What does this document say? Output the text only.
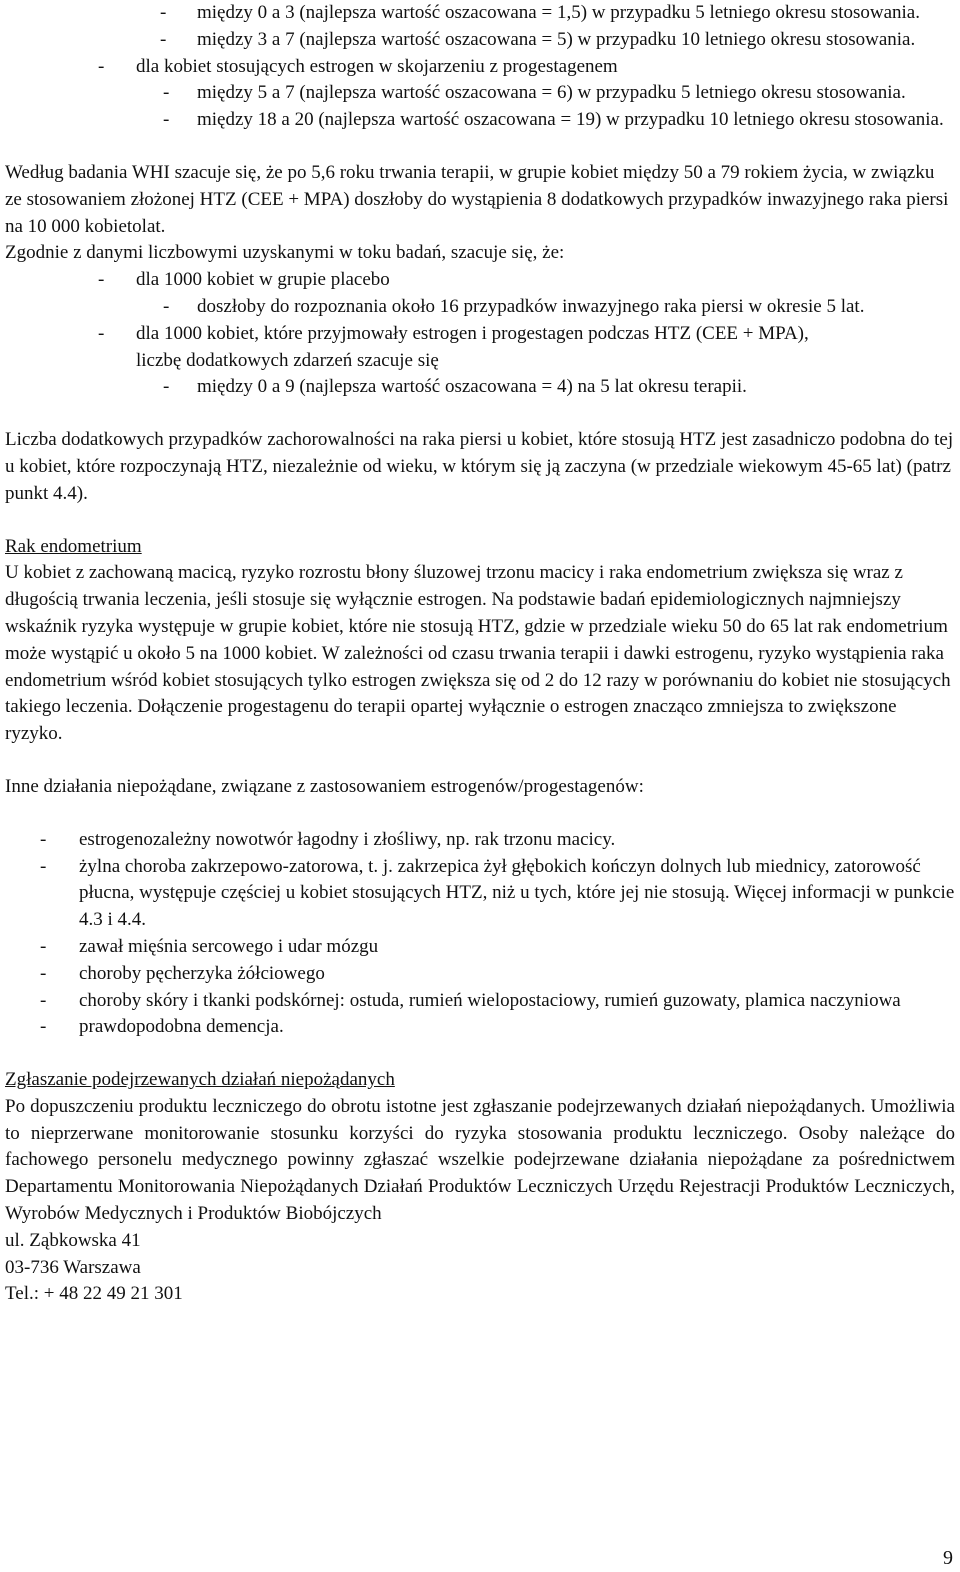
- między 0 a 3 (najlepsza wartość oszacowana = 1,5) w przypadku 5 letniego okresu stosowania.
- między 3 a 7 (najlepsza wartość oszacowana = 5) w przypadku 10 letniego okresu stosowania.
- dla kobiet stosujących estrogen w skojarzeniu z progestagenem
- między 5 a 7 (najlepsza wartość oszacowana = 6) w przypadku 5 letniego okresu stosowania.
- między 18 a 20 (najlepsza wartość oszacowana = 19) w przypadku 10 letniego okresu stosowania.

Według badania WHI szacuje się, że po 5,6 roku trwania terapii, w grupie kobiet między 50 a 79 rokiem życia, w związku ze stosowaniem złożonej HTZ (CEE + MPA) doszłoby do wystąpienia 8 dodatkowych przypadków inwazyjnego raka piersi na 10 000 kobietolat.

Zgodnie z danymi liczbowymi uzyskanymi w toku badań, szacuje się, że:

- dla 1000 kobiet w grupie placebo
- doszłoby do rozpoznania około 16 przypadków inwazyjnego raka piersi w okresie 5 lat.
- dla 1000 kobiet, które przyjmowały estrogen i progestagen podczas HTZ (CEE + MPA), liczbę dodatkowych zdarzeń szacuje się
- między 0 a 9 (najlepsza wartość oszacowana = 4) na 5 lat okresu terapii.

Liczba dodatkowych przypadków zachorowalności na raka piersi u kobiet, które stosują HTZ jest zasadniczo podobna do tej u kobiet, które rozpoczynają HTZ, niezależnie od wieku, w którym się ją zaczyna (w przedziale wiekowym 45-65 lat) (patrz punkt 4.4).

Rak endometrium

U kobiet z zachowaną macicą, ryzyko rozrostu błony śluzowej trzonu macicy i raka endometrium zwiększa się wraz z długością trwania leczenia, jeśli stosuje się wyłącznie estrogen. Na podstawie badań epidemiologicznych najmniejszy wskaźnik ryzyka występuje w grupie kobiet, które nie stosują HTZ, gdzie w przedziale wieku 50 do 65 lat rak endometrium może wystąpić u około 5 na 1000 kobiet. W zależności od czasu trwania terapii i dawki estrogenu, ryzyko wystąpienia raka endometrium wśród kobiet stosujących tylko estrogen zwiększa się od 2 do 12 razy w porównaniu do kobiet nie stosujących takiego leczenia. Dołączenie progestagenu do terapii opartej wyłącznie o estrogen znacząco zmniejsza to zwiększone ryzyko.

Inne działania niepożądane, związane z zastosowaniem estrogenów/progestagenów:

- estrogenozależny nowotwór łagodny i złośliwy, np. rak trzonu macicy.
- żylna choroba zakrzepowo-zatorowa, t. j. zakrzepica żył głębokich kończyn dolnych lub miednicy, zatorowość płucna, występuje częściej u kobiet stosujących HTZ, niż u tych, które jej nie stosują. Więcej informacji w punkcie 4.3 i 4.4.
- zawał mięśnia sercowego i udar mózgu
- choroby pęcherzyka żółciowego
- choroby skóry i tkanki podskórnej: ostuda, rumień wielopostaciowy, rumień guzowaty, plamica naczyniowa
- prawdopodobna demencja.

Zgłaszanie podejrzewanych działań niepożądanych

Po dopuszczeniu produktu leczniczego do obrotu istotne jest zgłaszanie podejrzewanych działań niepożądanych. Umożliwia to nieprzerwane monitorowanie stosunku korzyści do ryzyka stosowania produktu leczniczego. Osoby należące do fachowego personelu medycznego powinny zgłaszać wszelkie podejrzewane działania niepożądane za pośrednictwem Departamentu Monitorowania Niepożądanych Działań Produktów Leczniczych Urzędu Rejestracji Produktów Leczniczych, Wyrobów Medycznych i Produktów Biobójczych

ul. Ząbkowska 41

03-736 Warszawa

Tel.: + 48 22 49 21 301

9
